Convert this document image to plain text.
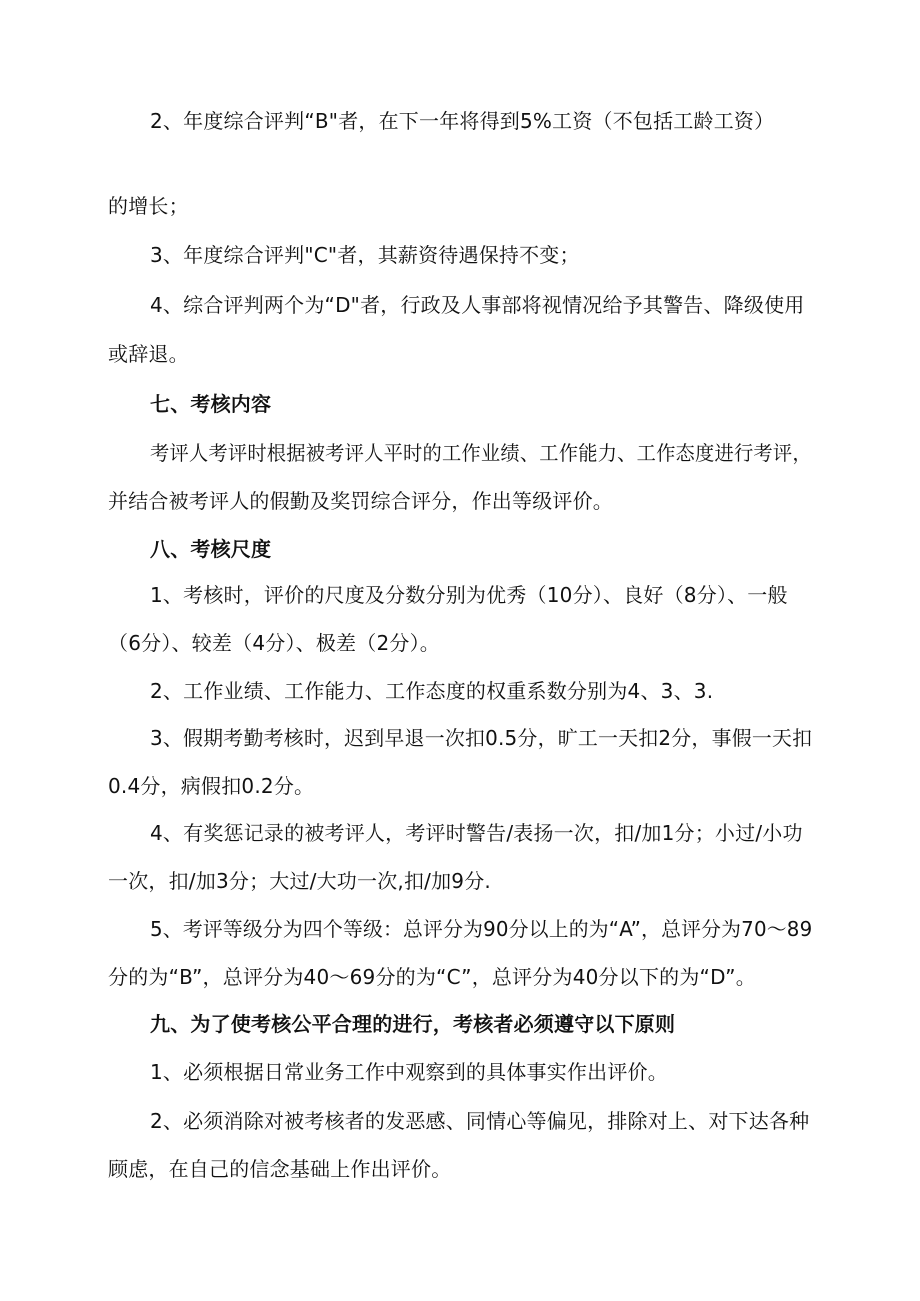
2、年度综合评判“B"者，在下一年将得到5%工资（不包括工龄工资）
的增长；
3、年度综合评判"C"者，其薪资待遇保持不变；
4、综合评判两个为“D"者，行政及人事部将视情况给予其警告、降级使用
或辞退。
七、考核内容
考评人考评时根据被考评人平时的工作业绩、工作能力、工作态度进行考评，
并结合被考评人的假勤及奖罚综合评分，作出等级评价。
八、考核尺度
1、考核时，评价的尺度及分数分别为优秀（10分）、良好（8分）、一般
（6分）、较差（4分）、极差（2分）。
2、工作业绩、工作能力、工作态度的权重系数分别为4、3、3.
3、假期考勤考核时，迟到早退一次扣0.5分，旷工一天扣2分，事假一天扣
0.4分，病假扣0.2分。
4、有奖惩记录的被考评人，考评时警告/表扬一次，扣/加1分；小过/小功
一次，扣/加3分；大过/大功一次,扣/加9分.
5、考评等级分为四个等级：总评分为90分以上的为“A”，总评分为70～89
分的为“B”，总评分为40～69分的为“C”，总评分为40分以下的为“D”。
九、为了使考核公平合理的进行，考核者必须遵守以下原则
1、必须根据日常业务工作中观察到的具体事实作出评价。
2、必须消除对被考核者的发恶感、同情心等偏见，排除对上、对下达各种
顾虑，在自己的信念基础上作出评价。
